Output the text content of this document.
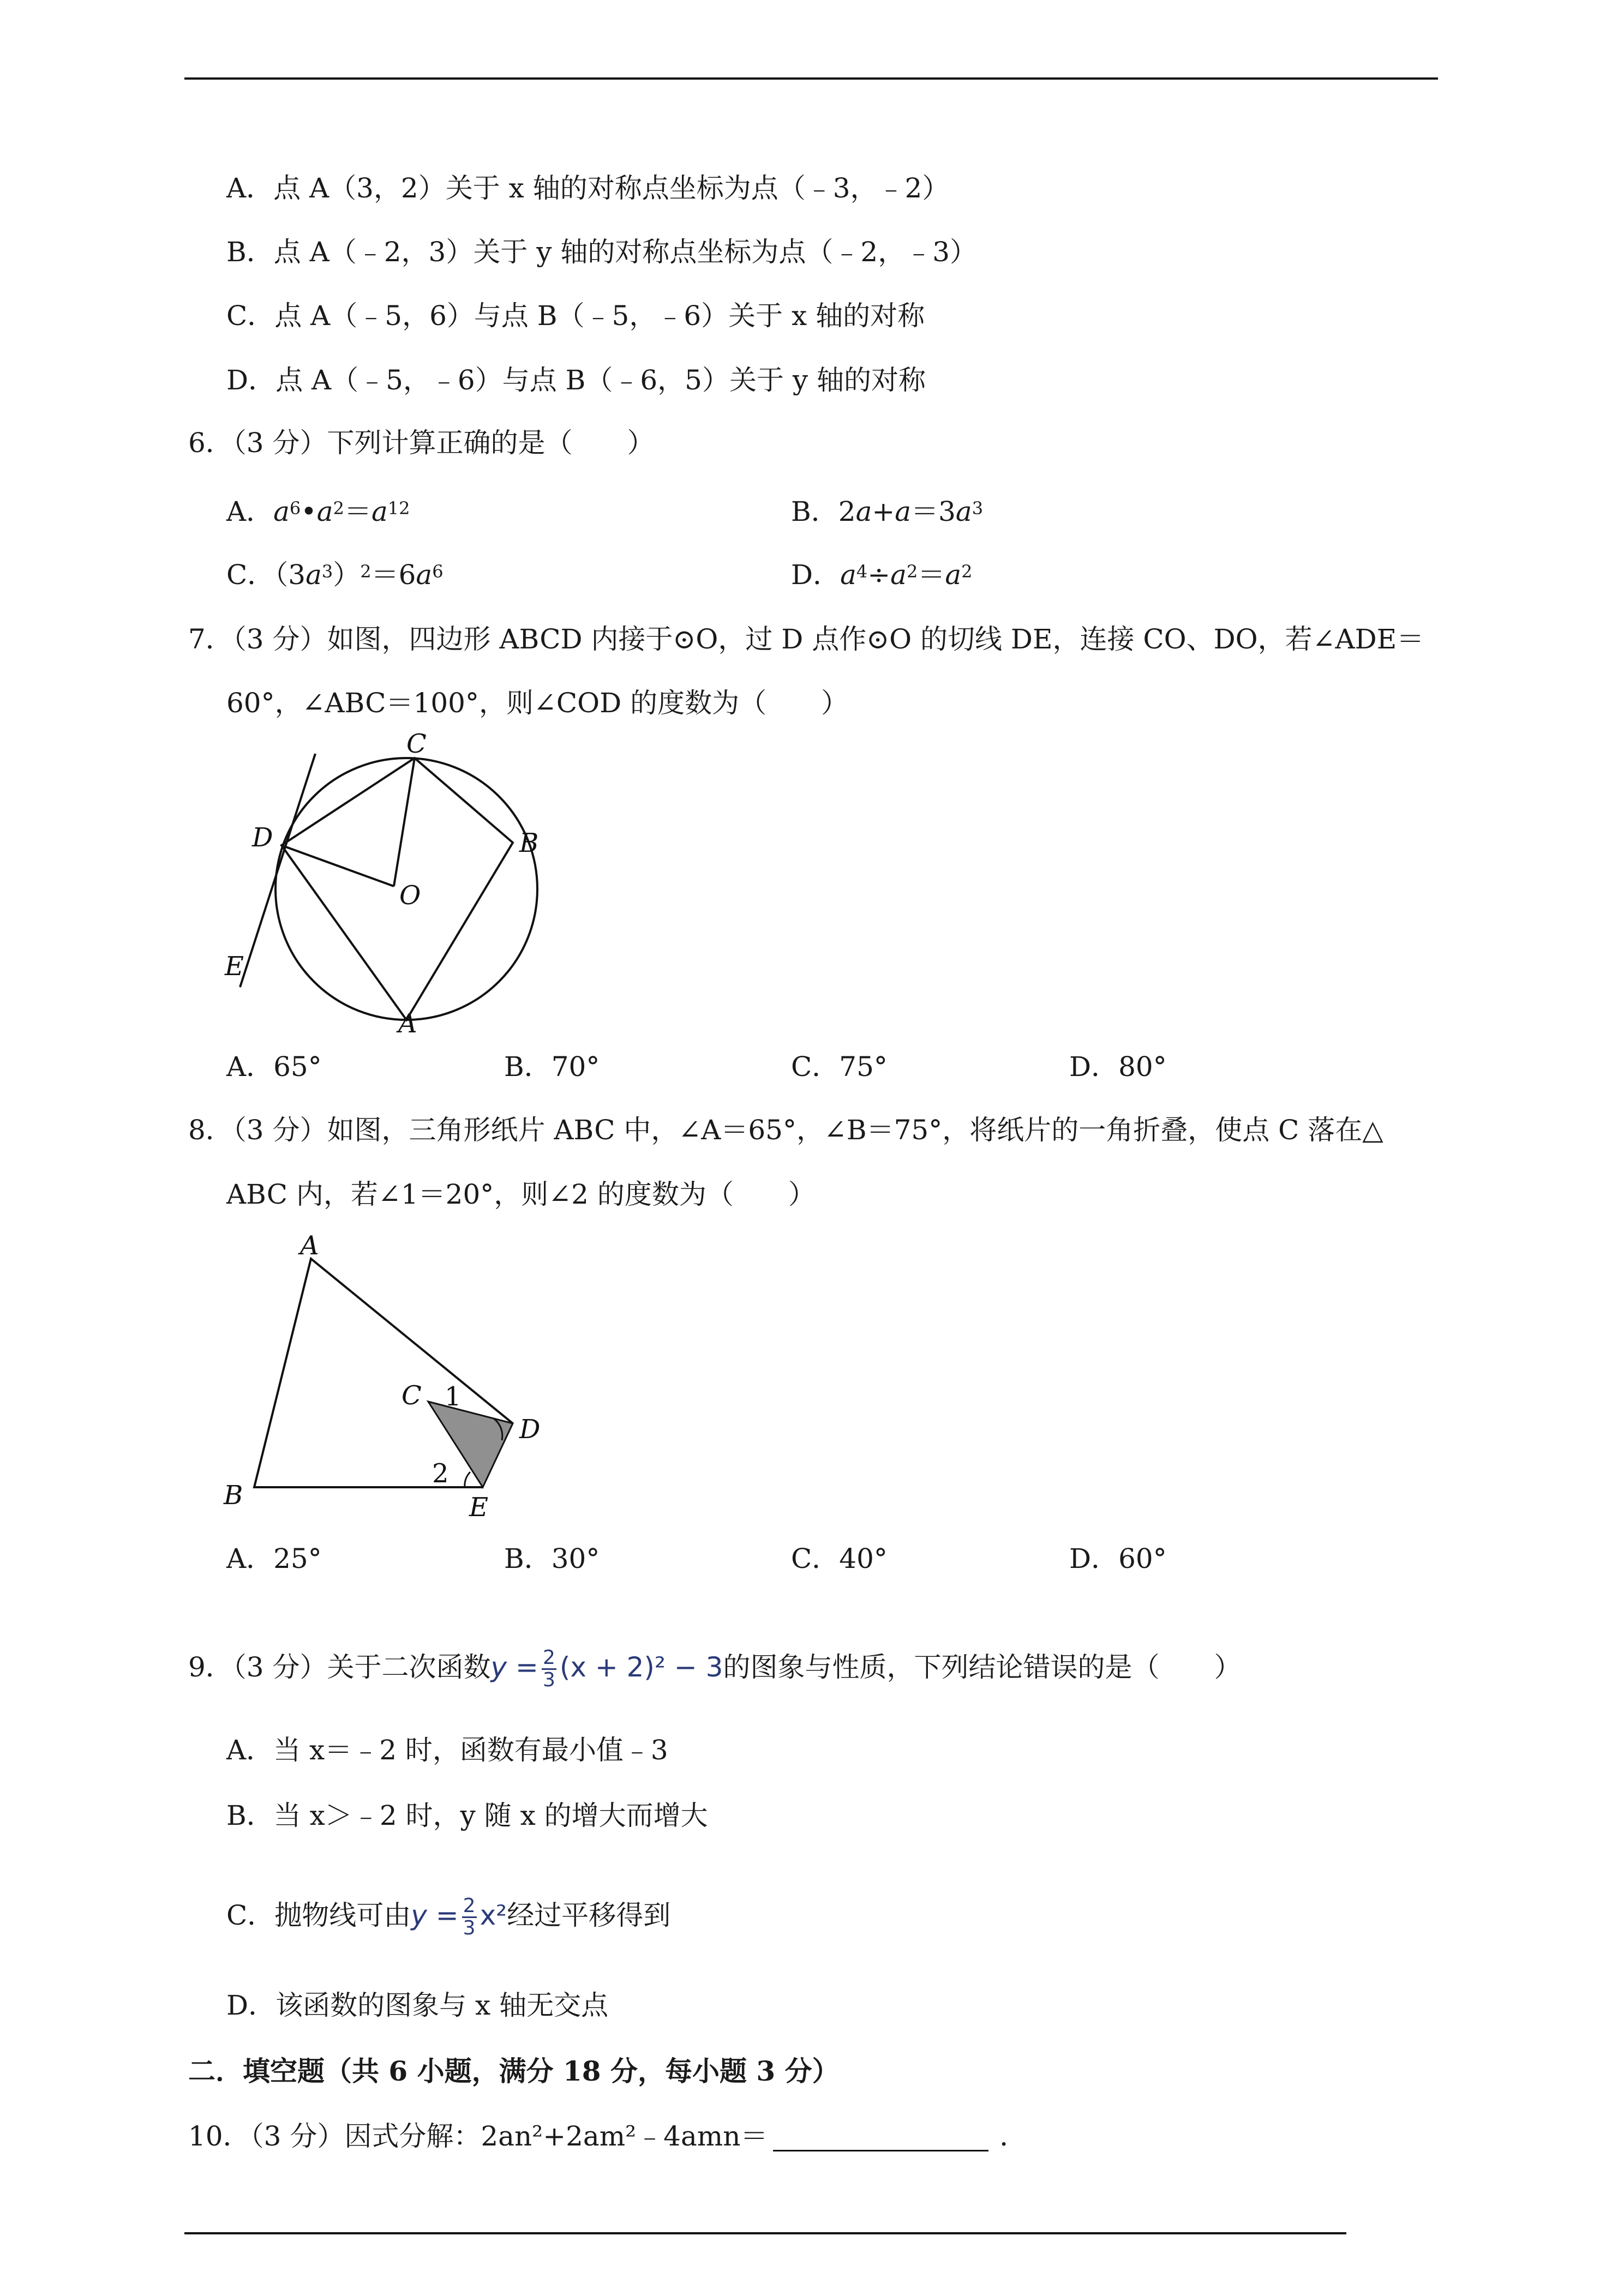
A．点 A（3，2）关于 x 轴的对称点坐标为点（﹣3，﹣2）
B．点 A（﹣2，3）关于 y 轴的对称点坐标为点（﹣2，﹣3）
C．点 A（﹣5，6）与点 B（﹣5，﹣6）关于 x 轴的对称
D．点 A（﹣5，﹣6）与点 B（﹣6，5）关于 y 轴的对称
6．（3 分）下列计算正确的是（　　）
A．$a^6•a^2=a^{12}$	B．$2a+a=3a^3$
C．$(3a^3)^2=6a^6$	D．$a^4\div a^2=a^2$
7．（3 分）如图，四边形 ABCD 内接于⊙O，过 D 点作⊙O 的切线 DE，连接 CO、DO，若∠ADE＝
60°，∠ABC＝100°，则∠COD 的度数为（　　）
C
B
D
O
E
A
A．65°	B．70°	C．75°	D．80°
8．（3 分）如图，三角形纸片 ABC 中，∠A＝65°，∠B＝75°，将纸片的一角折叠，使点 C 落在△
ABC 内，若∠1＝20°，则∠2 的度数为（　　）
A
B
C
D
E
1
2
A．25°	B．30°	C．40°	D．60°
9．（3 分）关于二次函数$y = \frac{2}{3} (x + 2)^2 - 3$的图象与性质，下列结论错误的是（　　）
A．当 x＝﹣2 时，函数有最小值﹣3
B．当 x＞﹣2 时，y 随 x 的增大而增大
C．抛物线可由$y = \frac{2}{3} x^2$经过平移得到
D．该函数的图象与 x 轴无交点
二．填空题（共 6 小题，满分 18 分，每小题 3 分）
10．（3 分）因式分解：2an²+2am²﹣4amn＝	．
